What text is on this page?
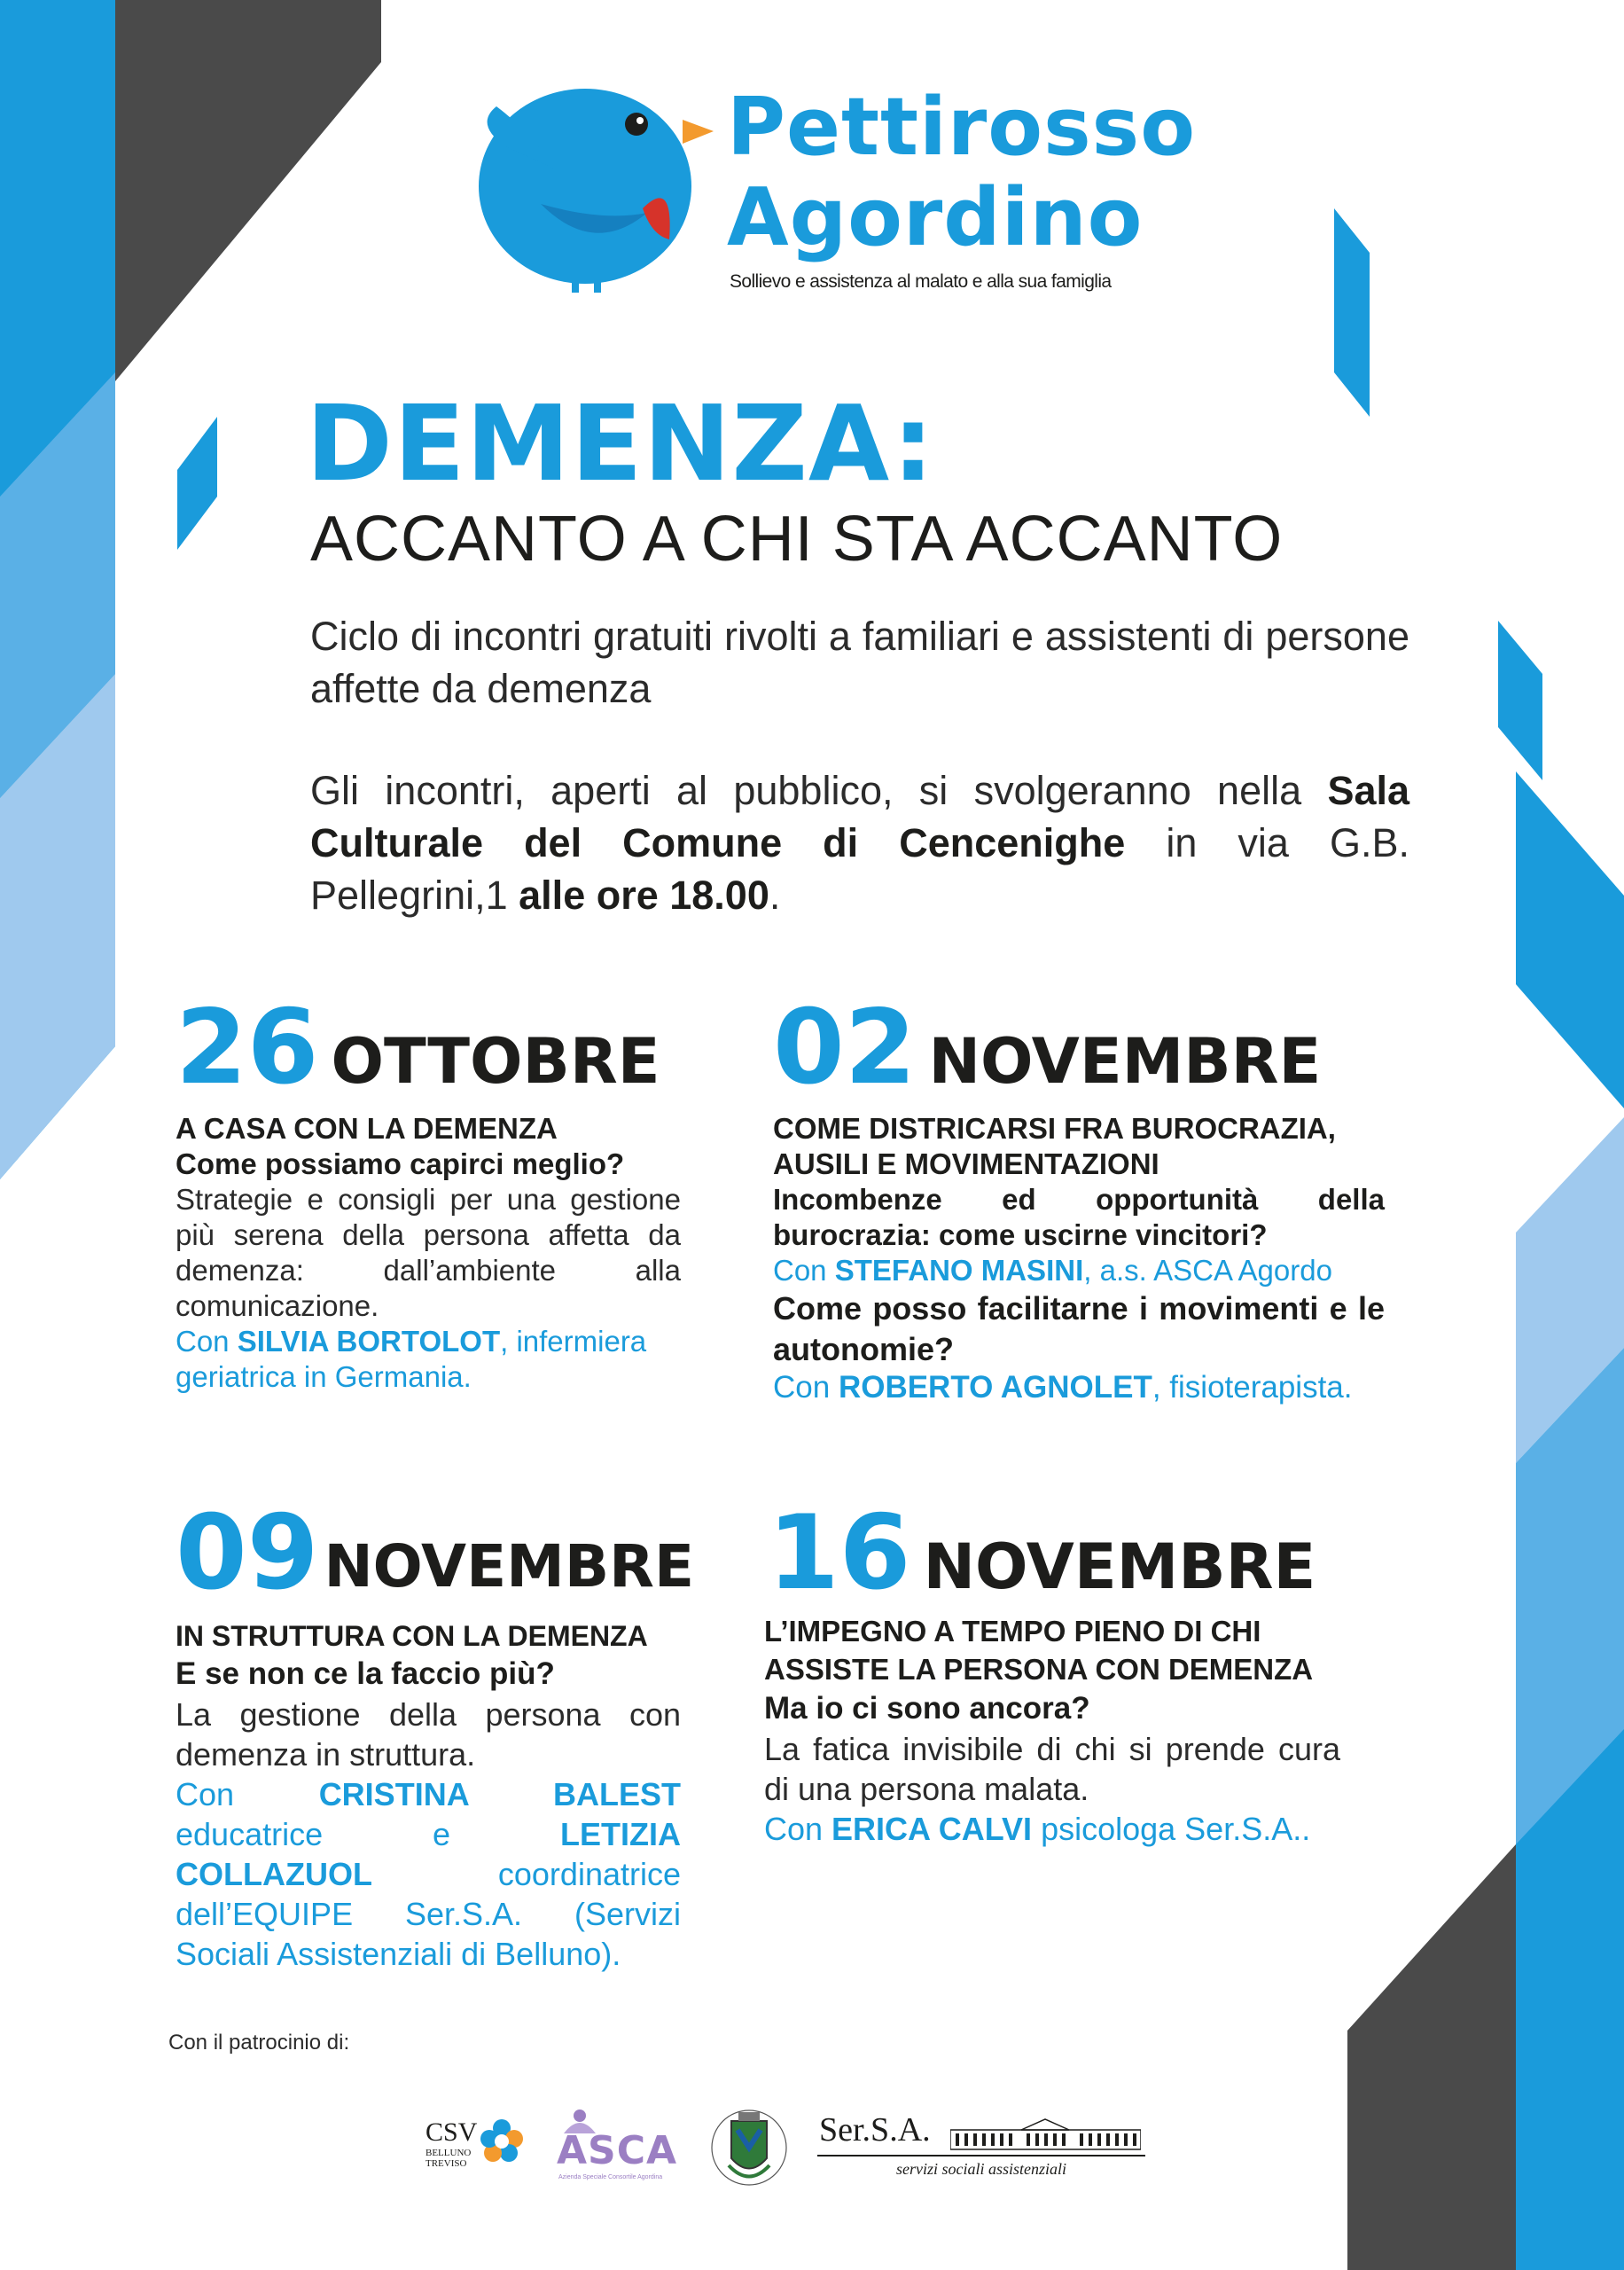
Pettirosso
Agordino
Sollievo e assistenza al malato e alla sua famiglia
DEMENZA:
ACCANTO A CHI STA ACCANTO
Ciclo di incontri gratuiti rivolti a familiari e assistenti di persone affette da demenza
Gli incontri, aperti al pubblico, si svolgeranno nella Sala Culturale del Comune di Cencenighe in via G.B. Pellegrini,1 alle ore 18.00.
26 OTTOBRE
A CASA CON LA DEMENZA
Come possiamo capirci meglio?
Strategie e consigli per una gestione più serena della persona affetta da demenza: dall’ambiente alla comunicazione.
Con SILVIA BORTOLOT, infermiera geriatrica in Germania.
02 NOVEMBRE
COME DISTRICARSI FRA BUROCRAZIA, AUSILI E MOVIMENTAZIONI
Incombenze ed opportunità della burocrazia: come uscirne vincitori?
Con STEFANO MASINI, a.s. ASCA Agordo
Come posso facilitarne i movimenti e le autonomie?
Con ROBERTO AGNOLET, fisioterapista.
09 NOVEMBRE
IN STRUTTURA CON LA DEMENZA
E se non ce la faccio più?
La gestione della persona con demenza in struttura.
Con CRISTINA BALEST educatrice e LETIZIA COLLAZUOL coordinatrice dell’EQUIPE Ser.S.A. (Servizi Sociali Assistenziali di Belluno).
16 NOVEMBRE
L’IMPEGNO A TEMPO PIENO DI CHI ASSISTE LA PERSONA CON DEMENZA
Ma io ci sono ancora?
La fatica invisibile di chi si prende cura di una persona malata.
Con ERICA CALVI psicologa Ser.S.A..
Con il patrocinio di:
CSV
BELLUNO
TREVISO ASCA
Azienda Speciale Consortile Agordina
Ser.S.A.
servizi sociali assistenziali
